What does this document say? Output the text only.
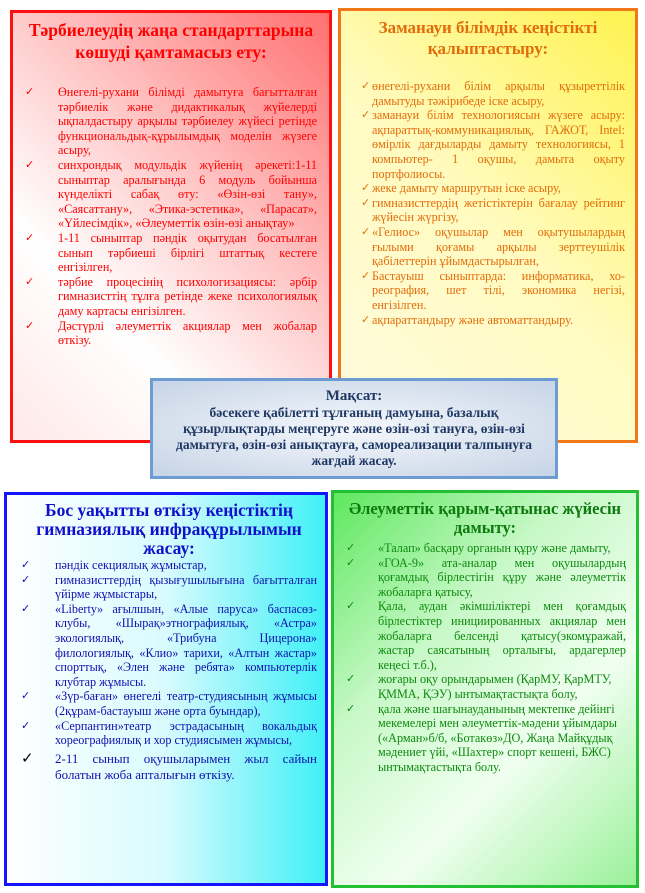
Тәрбиелеудің жаңа стандарттарына көшуді қамтамасыз ету:

✓ Өнегелі-рухани білімді дамытуға бағытталған тәрбиелік және дидактикалық жүйелерді ықпалдастыру арқылы тәрбиелеу жүйесі ретінде функциональдық-құрылымдық моделін жүзеге асыру,
✓ синхрондық модульдік жүйенің әрекеті:1-11 сыныптар аралығында 6 модуль бойынша күнделікті сабақ өту: «Өзін-өзі тану», «Саясаттану», «Этика-эстетика», «Парасат», «Үйлесімдік», «Әлеуметтік өзін-өзі анықтау»
✓ 1-11 сыныптар пәндік оқытудан босатылған сынып тәрбиеші бірлігі штаттық кестеге енгізілген,
✓ тәрбие процесінің психологизациясы: әрбір гимназисттің тұлға ретінде жеке психологиялық даму картасы енгізілген.
✓ Дәстүрлі әлеуметтік акциялар мен жобалар өткізу.

Заманауи білімдік кеңістікті қалыптастыру:

✓ өнегелі-рухани білім арқылы құзыреттілік дамытуды тәжірибеде іске асыру,
✓ заманауи білім технологиясын жүзеге асыру: ақпараттық-коммуникациялық, ГАЖОТ, Intel: өмірлік дағдыларды дамыту технологиясы, 1 компьютер- 1 оқушы, дамыта оқыту портфолиосы.
✓ жеке дамыту маршрутын іске асыру,
✓ гимназисттердің жетістіктерін бағалау рейтинг жүйесін жүргізу,
✓ «Гелиос» оқушылар мен оқытушылардың ғылыми қоғамы арқылы зерттеушілік қабілеттерін ұйымдастырылған,
✓ Бастауыш сыныптарда: информатика, хо-реография, шет тілі, экономика негізі, енгізілген.
✓ ақпараттандыру және автоматтандыру.
Мақсат:
бәсекеге қабілетті тұлғаның дамуына, базалық құзырлықтарды меңгеруге және өзін-өзі тануға, өзін-өзі дамытуға, өзін-өзі анықтауға, самореализации талпынуға жағдай жасау.

Бос уақытты өткізу кеңістіктің гимназиялық инфрақұрылымын жасау:

✓ пәндік секциялық жұмыстар,
✓ гимназисттердің қызығушылығына бағытталған үйірме жұмыстары,
✓ «Liberty» ағылшын, «Алые паруса» баспасөз-клубы, «Шырақ»этнографиялық, «Астра» экологиялық, «Трибуна Цицерона» филологиялық, «Клио» тарихи, «Алтын жастар» спорттық, «Элен және ребята» компьютерлік клубтар жұмысы.
✓ «Зүр-баған» өнегелі театр-студиясының жұмысы (2құрам-бастауыш және орта буындар),
✓ «Серпантин»театр эстрадасының вокальдық хореографиялық и хор студиясымен жұмысы,
✓ 2-11 сынып оқушыларымен жыл сайын болатын жоба апталығын өткізу.

Әлеуметтік қарым-қатынас жүйесін дамыту:

✓ «Талап» басқару органын құру және дамыту,
✓ «ГОА-9» ата-аналар мен оқушылардың қоғамдық бірлестігін құру және әлеуметтік жобаларға қатысу,
✓ Қала, аудан әкімшіліктері мен қоғамдық бірлестіктер инициированных акциялар мен жобаларға белсенді қатысу(экомұражай, жастар саясатының орталығы, ардагерлер кеңесі т.б.),
✓ жоғары оқу орындарымен (ҚарМУ, ҚарМТУ, ҚММА, ҚЭУ) ынтымақтастықта болу,
✓ қала және шағынауданының мектепке дейінгі мекемелері мен әлеуметтік-мәдени ұйымдары («Арман»б/б, «Ботакөз»ДО, Жаңа Майқұдық мәдениет үйі, «Шахтер» спорт кешені, БЖС) ынтымақтастықта болу.
